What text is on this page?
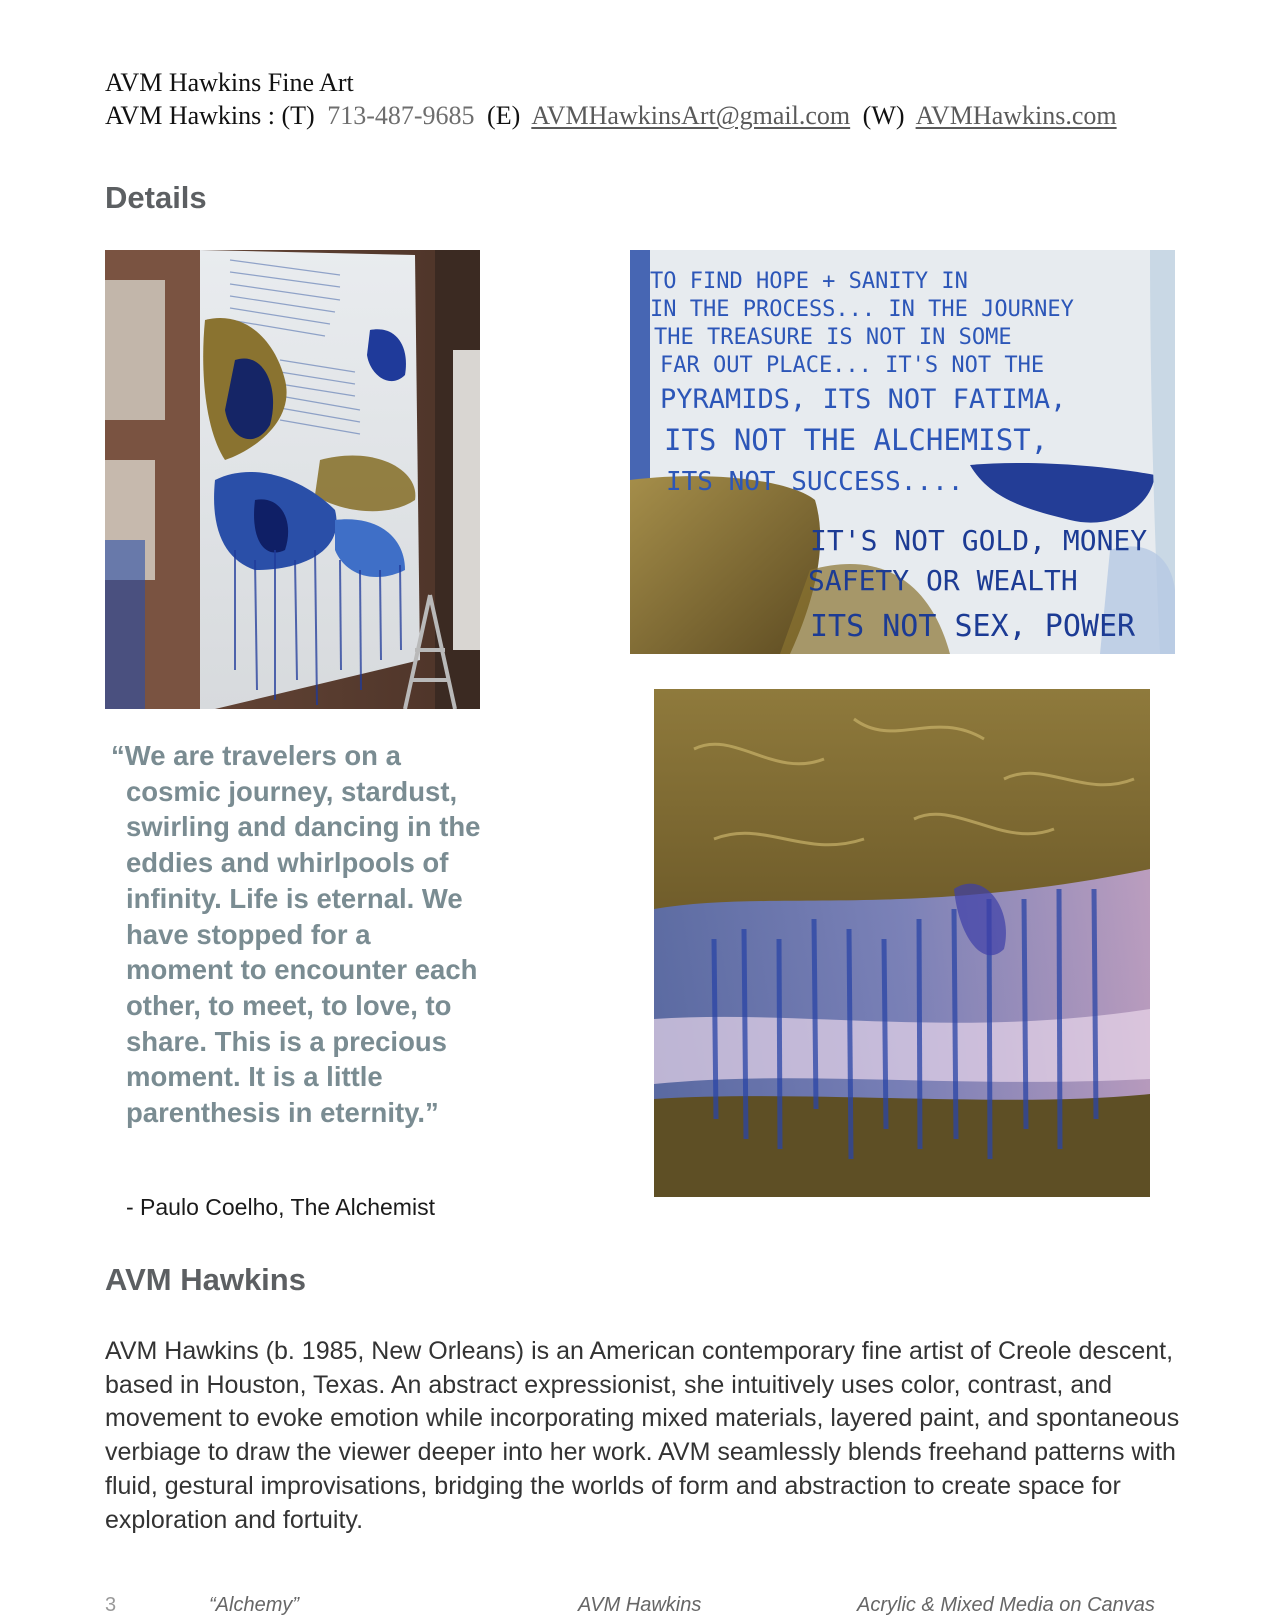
AVM Hawkins Fine Art
AVM Hawkins : (T) 713-487-9685 (E) AVMHawkinsArt@gmail.com (W) AVMHawkins.com
Details
TO FIND HOPE + SANITY IN
IN THE PROCESS... IN THE JOURNEY
THE TREASURE IS NOT IN SOME
FAR OUT PLACE... IT'S NOT THE
PYRAMIDS, ITS NOT FATIMA,
ITS NOT THE ALCHEMIST,
ITS NOT SUCCESS....
IT'S NOT GOLD, MONEY
SAFETY OR WEALTH
ITS NOT SEX, POWER

“We are travelers on a cosmic journey, stardust, swirling and dancing in the eddies and whirlpools of infinity. Life is eternal. We have stopped for a moment to encounter each other, to meet, to love, to share. This is a precious moment. It is a little parenthesis in eternity.”

- Paulo Coelho, The Alchemist
AVM Hawkins

AVM Hawkins (b. 1985, New Orleans) is an American contemporary fine artist of Creole descent, based in Houston, Texas. An abstract expressionist, she intuitively uses color, contrast, and movement to evoke emotion while incorporating mixed materials, layered paint, and spontaneous verbiage to draw the viewer deeper into her work. AVM seamlessly blends freehand patterns with fluid, gestural improvisations, bridging the worlds of form and abstraction to create space for exploration and fortuity.

3	“Alchemy”	AVM Hawkins	Acrylic & Mixed Media on Canvas
